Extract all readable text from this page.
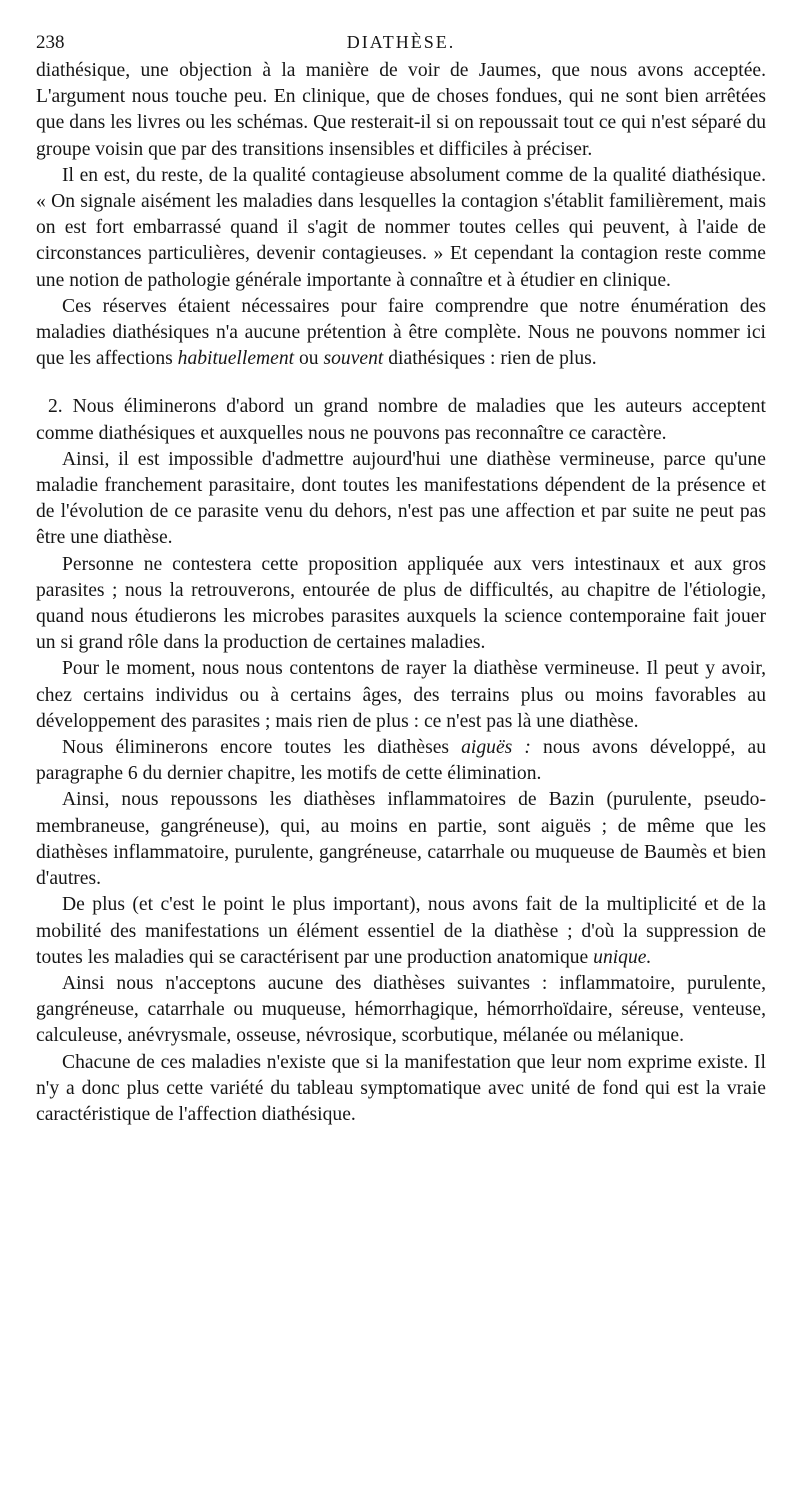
238	DIATHÈSE.

diathésique, une objection à la manière de voir de Jaumes, que nous avons acceptée. L'argument nous touche peu. En clinique, que de choses fondues, qui ne sont bien arrêtées que dans les livres ou les schémas. Que resterait-il si on repoussait tout ce qui n'est séparé du groupe voisin que par des transitions insensibles et difficiles à préciser.

Il en est, du reste, de la qualité contagieuse absolument comme de la qualité diathésique. « On signale aisément les maladies dans lesquelles la contagion s'établit familièrement, mais on est fort embarrassé quand il s'agit de nommer toutes celles qui peuvent, à l'aide de circonstances particulières, devenir contagieuses. » Et cependant la contagion reste comme une notion de pathologie générale importante à connaître et à étudier en clinique.

Ces réserves étaient nécessaires pour faire comprendre que notre énumération des maladies diathésiques n'a aucune prétention à être complète. Nous ne pouvons nommer ici que les affections habituellement ou souvent diathésiques : rien de plus.

2. Nous éliminerons d'abord un grand nombre de maladies que les auteurs acceptent comme diathésiques et auxquelles nous ne pouvons pas reconnaître ce caractère.

Ainsi, il est impossible d'admettre aujourd'hui une diathèse vermineuse, parce qu'une maladie franchement parasitaire, dont toutes les manifestations dépendent de la présence et de l'évolution de ce parasite venu du dehors, n'est pas une affection et par suite ne peut pas être une diathèse.

Personne ne contestera cette proposition appliquée aux vers intestinaux et aux gros parasites ; nous la retrouverons, entourée de plus de difficultés, au chapitre de l'étiologie, quand nous étudierons les microbes parasites auxquels la science contemporaine fait jouer un si grand rôle dans la production de certaines maladies.

Pour le moment, nous nous contentons de rayer la diathèse vermineuse. Il peut y avoir, chez certains individus ou à certains âges, des terrains plus ou moins favorables au développement des parasites ; mais rien de plus : ce n'est pas là une diathèse.

Nous éliminerons encore toutes les diathèses aiguës : nous avons développé, au paragraphe 6 du dernier chapitre, les motifs de cette élimination.

Ainsi, nous repoussons les diathèses inflammatoires de Bazin (purulente, pseudo-membraneuse, gangréneuse), qui, au moins en partie, sont aiguës ; de même que les diathèses inflammatoire, purulente, gangréneuse, catarrhale ou muqueuse de Baumès et bien d'autres.

De plus (et c'est le point le plus important), nous avons fait de la multiplicité et de la mobilité des manifestations un élément essentiel de la diathèse ; d'où la suppression de toutes les maladies qui se caractérisent par une production anatomique unique.

Ainsi nous n'acceptons aucune des diathèses suivantes : inflammatoire, purulente, gangréneuse, catarrhale ou muqueuse, hémorrhagique, hémorrhoïdaire, séreuse, venteuse, calculeuse, anévrysmale, osseuse, névrosique, scorbutique, mélanée ou mélanique.

Chacune de ces maladies n'existe que si la manifestation que leur nom exprime existe. Il n'y a donc plus cette variété du tableau symptomatique avec unité de fond qui est la vraie caractéristique de l'affection diathésique.
